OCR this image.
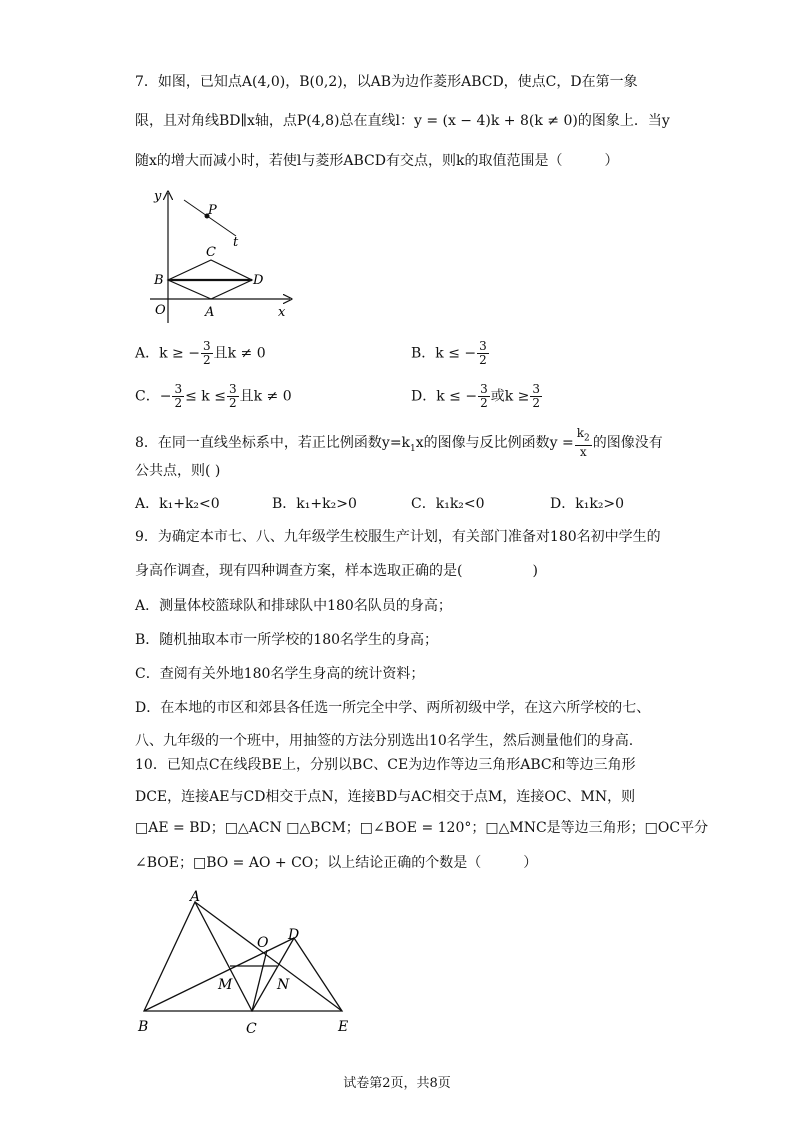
7．如图，已知点A(4,0)，B(0,2)，以AB为边作菱形ABCD，使点C，D在第一象
限，且对角线BD∥x轴，点P(4,8)总在直线l：y = (x − 4)k + 8(k ≠ 0)的图象上．当y
随x的增大而减小时，若使l与菱形ABCD有交点，则k的取值范围是（　　　）
y
x
O
B
C
D
A
P
t
A．k ≥ − $\frac{3}{2}$ 且k ≠ 0	B．k ≤ − $\frac{3}{2}$
C．− $\frac{3}{2} \le k \le \frac{3}{2}$ 且k ≠ 0	D．k ≤ − $\frac{3}{2}$ 或$k \ge \frac{3}{2}$
8．在同一直线坐标系中，若正比例函数$y=k_1x$的图像与反比例函数$y = \frac{k_2}{x}$ 的图像没有
公共点，则( )
A．k₁+k₂<0	B．k₁+k₂>0	C．k₁k₂<0	D．k₁k₂>0
9．为确定本市七、八、九年级学生校服生产计划，有关部门准备对180名初中学生的
身高作调查，现有四种调查方案，样本选取正确的是(　　　　　)
A．测量体校篮球队和排球队中180名队员的身高；
B．随机抽取本市一所学校的180名学生的身高；
C．查阅有关外地180名学生身高的统计资料；
D．在本地的市区和郊县各任选一所完全中学、两所初级中学，在这六所学校的七、
八、九年级的一个班中，用抽签的方法分别选出10名学生，然后测量他们的身高.
10．已知点C在线段BE上，分别以BC、CE为边作等边三角形ABC和等边三角形
DCE，连接AE与CD相交于点N，连接BD与AC相交于点M，连接OC、MN，则
□AE = BD；□△ACN □△BCM；□∠BOE = 120°；□△MNC是等边三角形；□OC平分
∠BOE；□BO = AO + CO；以上结论正确的个数是（　　　）
A
B	C
D
E
O
M	N
试卷第2页，共8页
